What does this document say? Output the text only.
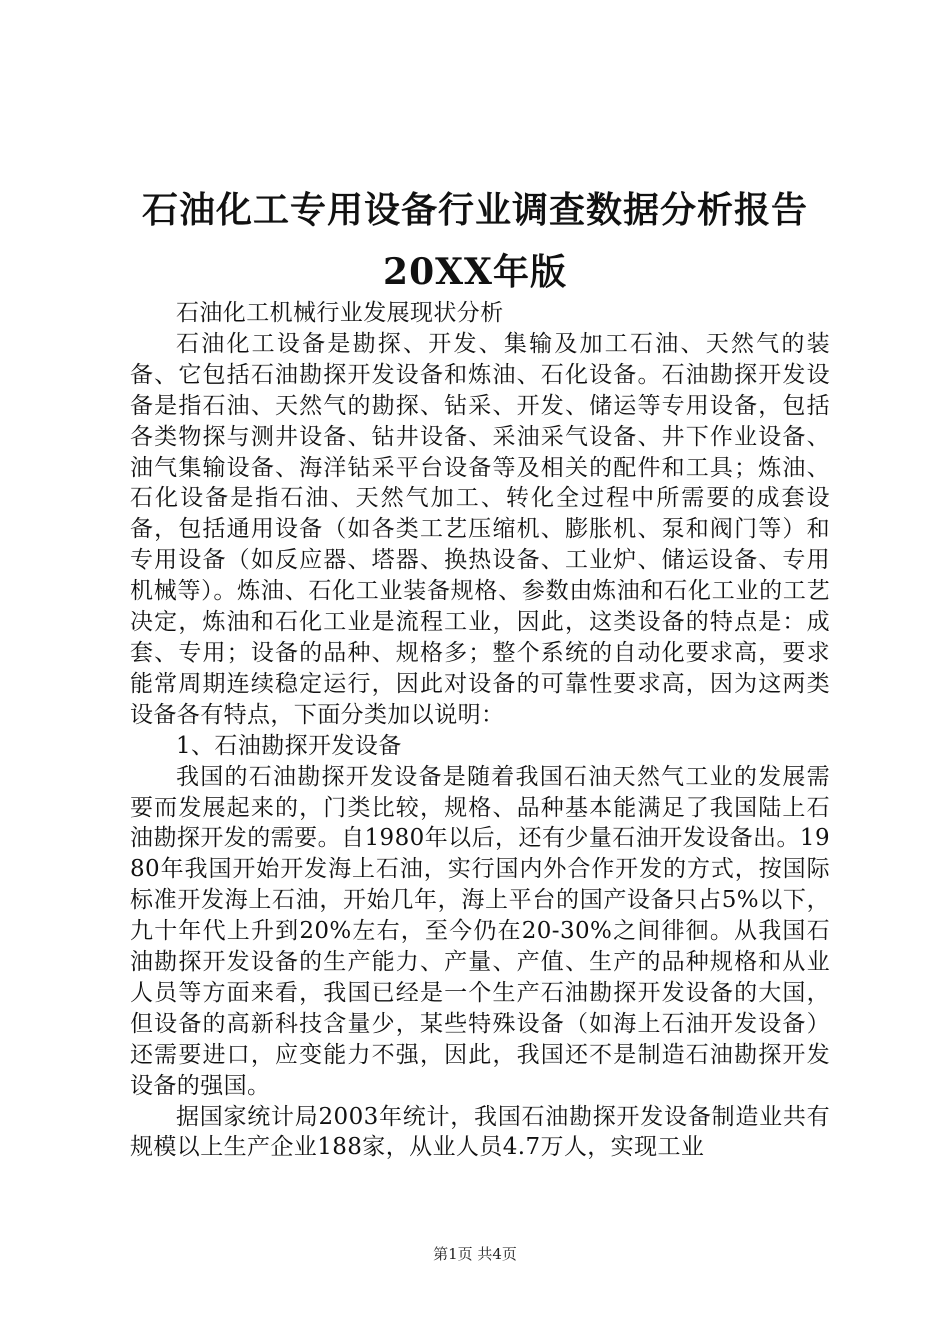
石油化工专用设备行业调查数据分析报告
20XX年版

石油化工机械行业发展现状分析

石油化工设备是勘探、开发、集输及加工石油、天然气的装备、它包括石油勘探开发设备和炼油、石化设备。石油勘探开发设备是指石油、天然气的勘探、钻采、开发、储运等专用设备，包括各类物探与测井设备、钻井设备、采油采气设备、井下作业设备、油气集输设备、海洋钻采平台设备等及相关的配件和工具；炼油、石化设备是指石油、天然气加工、转化全过程中所需要的成套设备，包括通用设备（如各类工艺压缩机、膨胀机、泵和阀门等）和专用设备（如反应器、塔器、换热设备、工业炉、储运设备、专用机械等）。炼油、石化工业装备规格、参数由炼油和石化工业的工艺决定，炼油和石化工业是流程工业，因此，这类设备的特点是：成套、专用；设备的品种、规格多；整个系统的自动化要求高，要求能常周期连续稳定运行，因此对设备的可靠性要求高，因为这两类设备各有特点，下面分类加以说明：

1、石油勘探开发设备

我国的石油勘探开发设备是随着我国石油天然气工业的发展需要而发展起来的，门类比较，规格、品种基本能满足了我国陆上石油勘探开发的需要。自1980年以后，还有少量石油开发设备出。1980年我国开始开发海上石油，实行国内外合作开发的方式，按国际标准开发海上石油，开始几年，海上平台的国产设备只占5%以下，九十年代上升到20%左右，至今仍在20-30%之间徘徊。从我国石油勘探开发设备的生产能力、产量、产值、生产的品种规格和从业人员等方面来看，我国已经是一个生产石油勘探开发设备的大国，但设备的高新科技含量少，某些特殊设备（如海上石油开发设备）还需要进口，应变能力不强，因此，我国还不是制造石油勘探开发设备的强国。

据国家统计局2003年统计，我国石油勘探开发设备制造业共有规模以上生产企业188家，从业人员4.7万人，实现工业

第1页 共4页
